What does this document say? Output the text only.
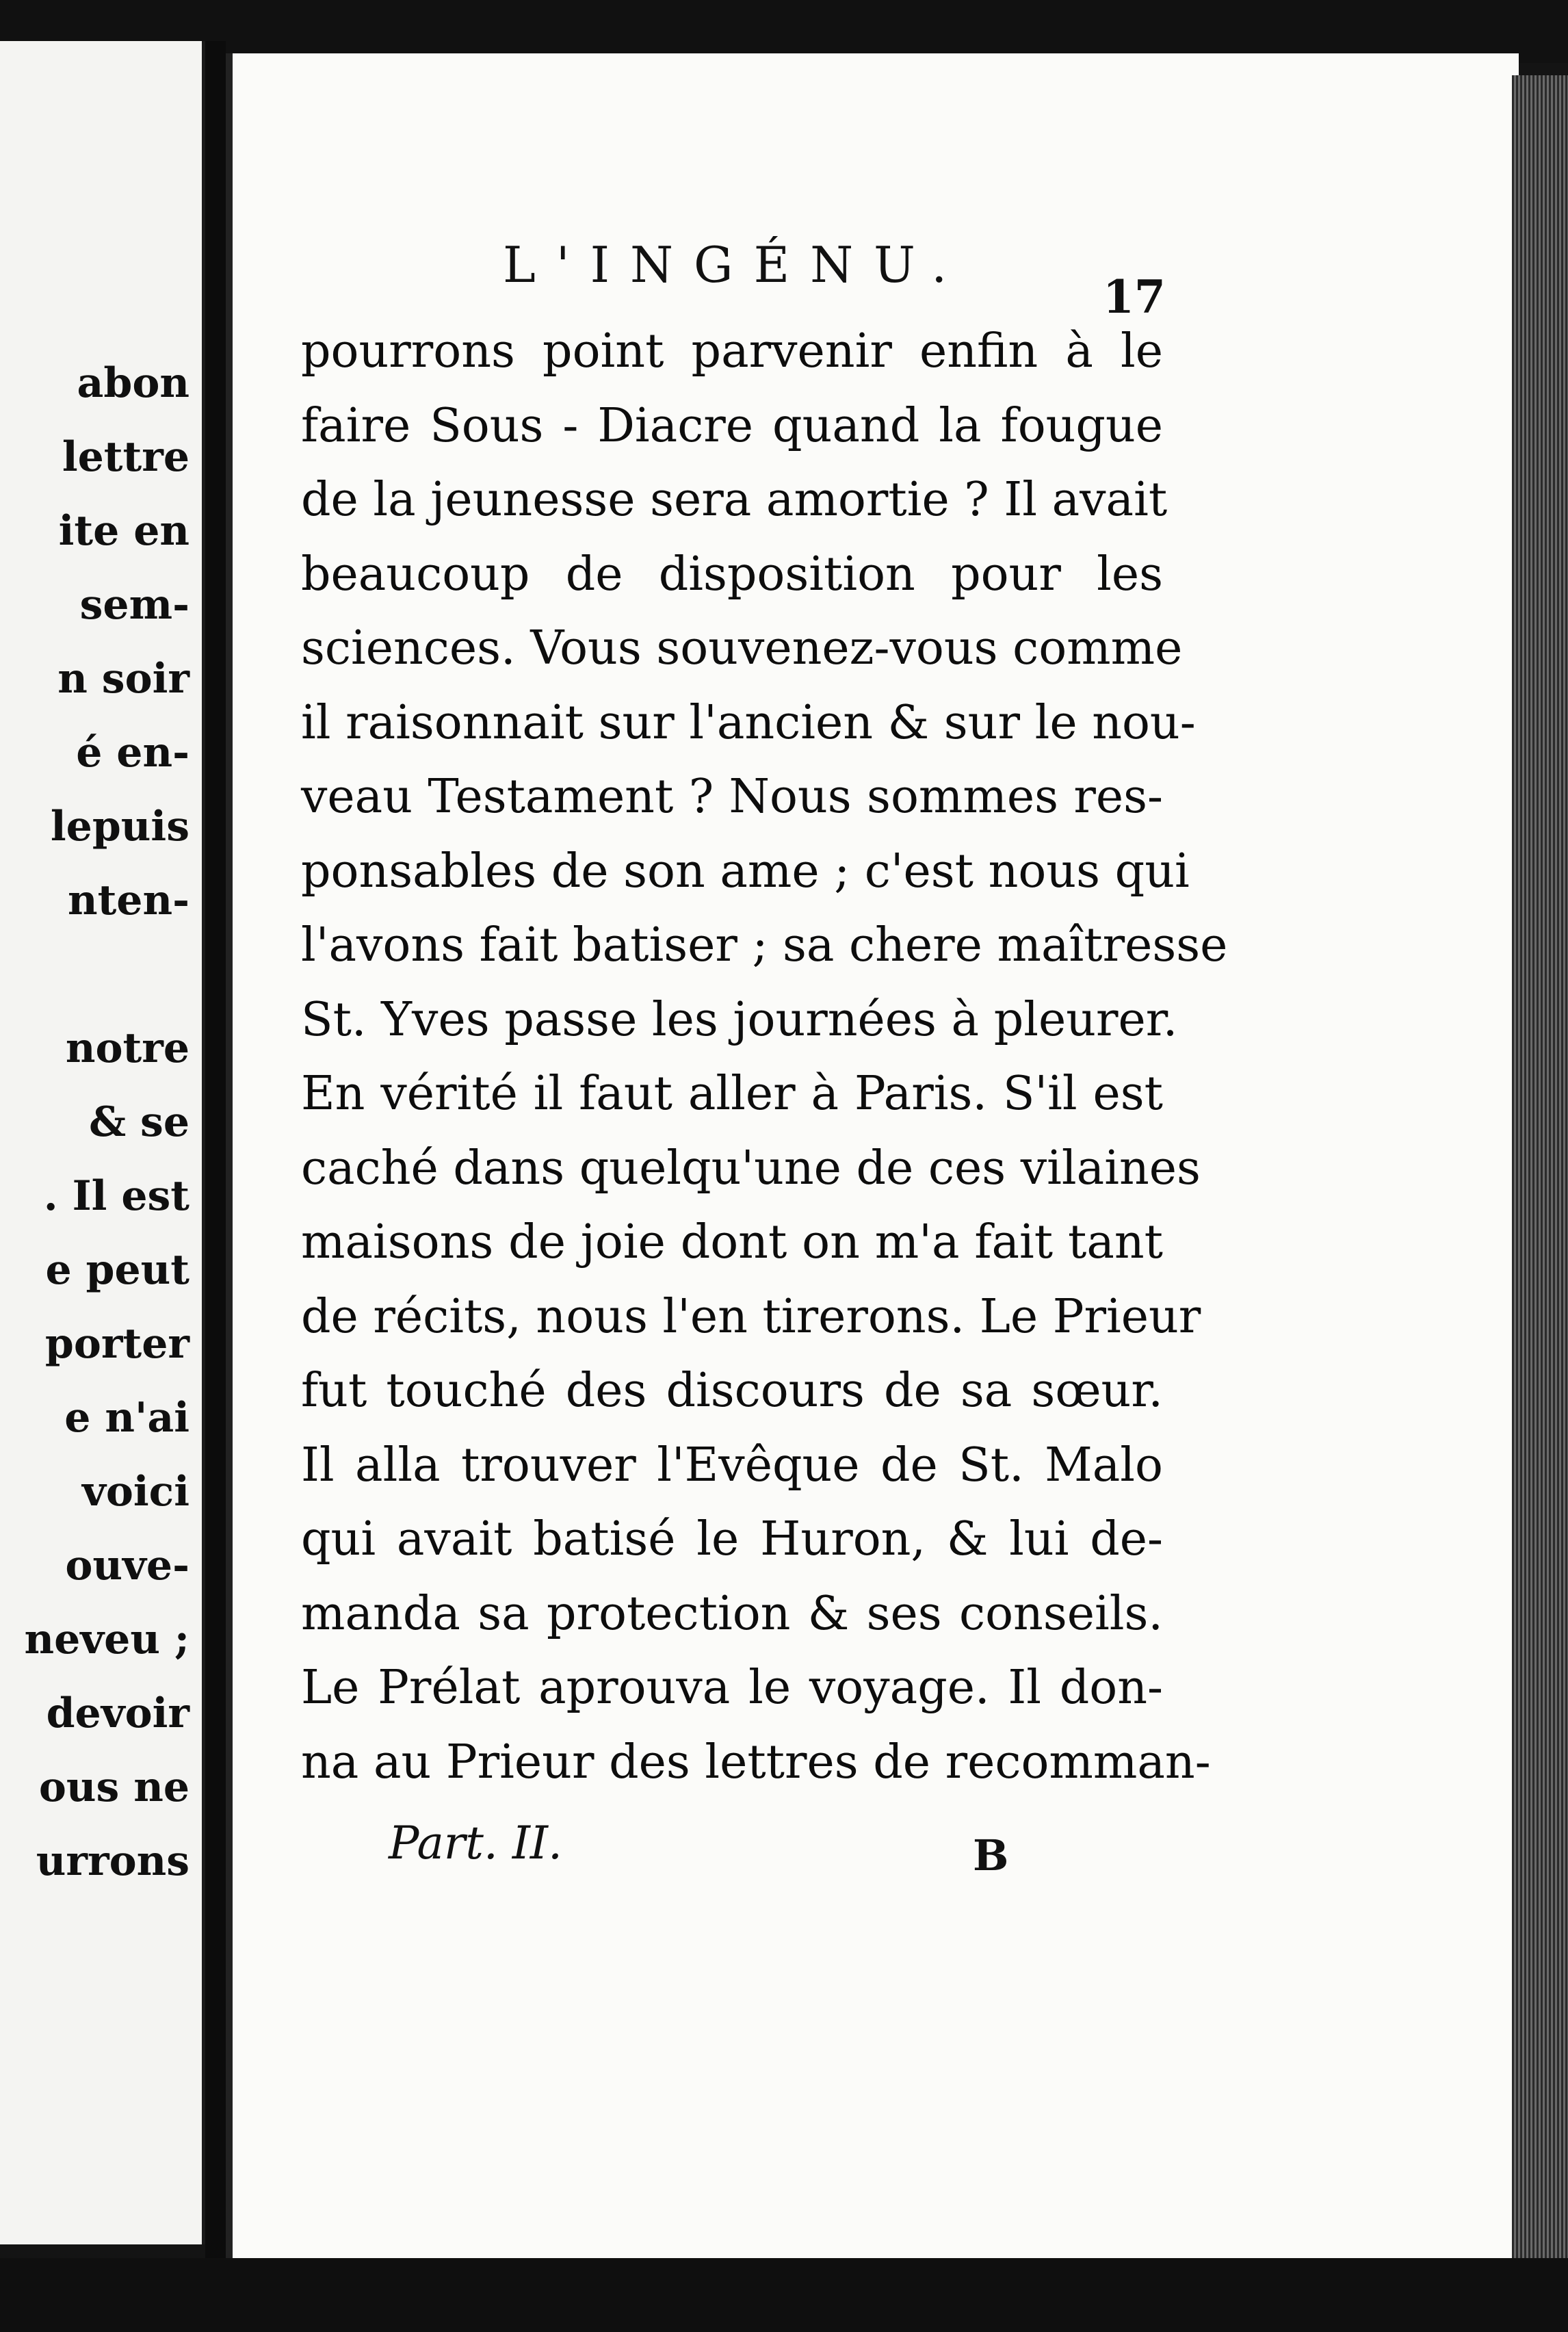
abon
lettre
ite en
sem-
n soir
é en-
lepuis
nten-
notre
& se
. Il est
e peut
porter
e n'ai
voici
ouve-
neveu ;
devoir
ous ne
urrons
L'INGÉNU.
17
pourrons point parvenir enfin à le
faire Sous - Diacre quand la fougue
de la jeunesse sera amortie ? Il avait
beaucoup de disposition pour les
sciences. Vous souvenez-vous comme
il raisonnait sur l'ancien & sur le nou-
veau Testament ? Nous sommes res-
ponsables de son ame ; c'est nous qui
l'avons fait batiser ; sa chere maîtresse
St. Yves passe les journées à pleurer.
En vérité il faut aller à Paris. S'il est
caché dans quelqu'une de ces vilaines
maisons de joie dont on m'a fait tant
de récits, nous l'en tirerons. Le Prieur
fut touché des discours de sa sœur.
Il alla trouver l'Evêque de St. Malo
qui avait batisé le Huron, & lui de-
manda sa protection & ses conseils.
Le Prélat aprouva le voyage. Il don-
na au Prieur des lettres de recomman-
Part. II.	B
